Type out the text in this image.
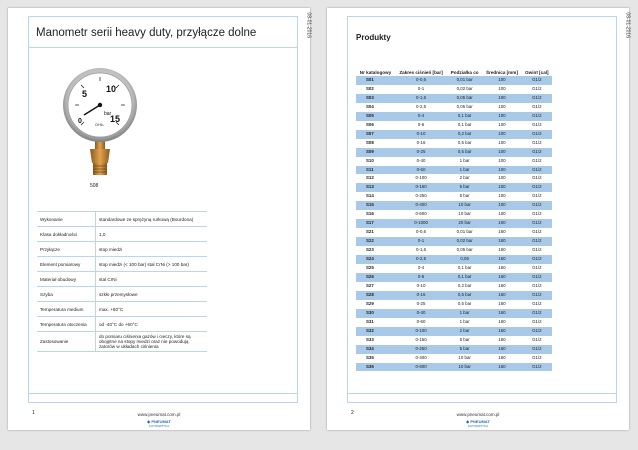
Manometr serii heavy duty, przyłącze dolne
5 10
15
0
bar
ОНЬ
508
Wykonanie	standardowe ze sprężyną rurkową (Bourdona)
Klasa dokładności	1,0
Przyłącze	stop miedzi
Element pomiarowy	stop miedzi (< 100 bar) stal CrNi (> 100 bar)
Materiał obudowy	stal CrNi
Szyba	szkło przemysłowe
Temperatura medium	max. +60°C
Temperatura otoczenia	od -40°C do +60°C
Zastosowanie	do pomiaru ciśnienia gazów i cieczy, które są obojętne na stopy miedzi oraz nie powodują zatorów w układach ciśnienia
08-01-2016
1	www.pneumat.com.pl
◆ PNEUMAT
AUTOMATYKA
Produkty
Nr katalogowy	Zakres ciśnień [bar]	Podziałka co	Średnica [mm]	Gwint [cal]
S01	0-0,6	0,01 bar	100	G1/2
S02	0-1	0,02 bar	100	G1/2
S03	0-1,6	0,05 bar	100	G1/2
S04	0-2,5	0,05 bar	100	G1/2
S05	0-4	0,1 bar	100	G1/2
S06	0-6	0,1 bar	100	G1/2
S07	0-10	0,2 bar	100	G1/2
S08	0-16	0,5 bar	100	G1/2
S09	0-25	0,5 bar	100	G1/2
S10	0-40	1 bar	100	G1/2
S11	0-60	1 bar	100	G1/2
S12	0-100	2 bar	100	G1/2
S13	0-160	5 bar	100	G1/2
S14	0-250	5 bar	100	G1/2
S15	0-400	10 bar	100	G1/2
S16	0-600	10 bar	100	G1/2
S17	0-1000	20 bar	100	G1/2
S21	0-0,6	0,01 bar	160	G1/2
S22	0-1	0,02 bar	160	G1/2
S23	0-1,6	0,05 bar	160	G1/2
S24	0-2,5	0,05	160	G1/2
S25	0-4	0,1 bar	160	G1/2
S26	0-6	0,1 bar	160	G1/2
S27	0-10	0,2 bar	160	G1/2
S28	0-16	0,5 bar	160	G1/2
S29	0-25	0,5 bar	160	G1/2
S30	0-40	1 bar	160	G1/2
S31	0-60	1 bar	160	G1/2
S32	0-100	2 bar	160	G1/2
S33	0-160	5 bar	160	G1/2
S34	0-250	5 bar	160	G1/2
S35	0-400	10 bar	160	G1/2
S36	0-600	10 bar	160	G1/2
08-01-2016
2	www.pneumat.com.pl
◆ PNEUMAT
AUTOMATYKA
